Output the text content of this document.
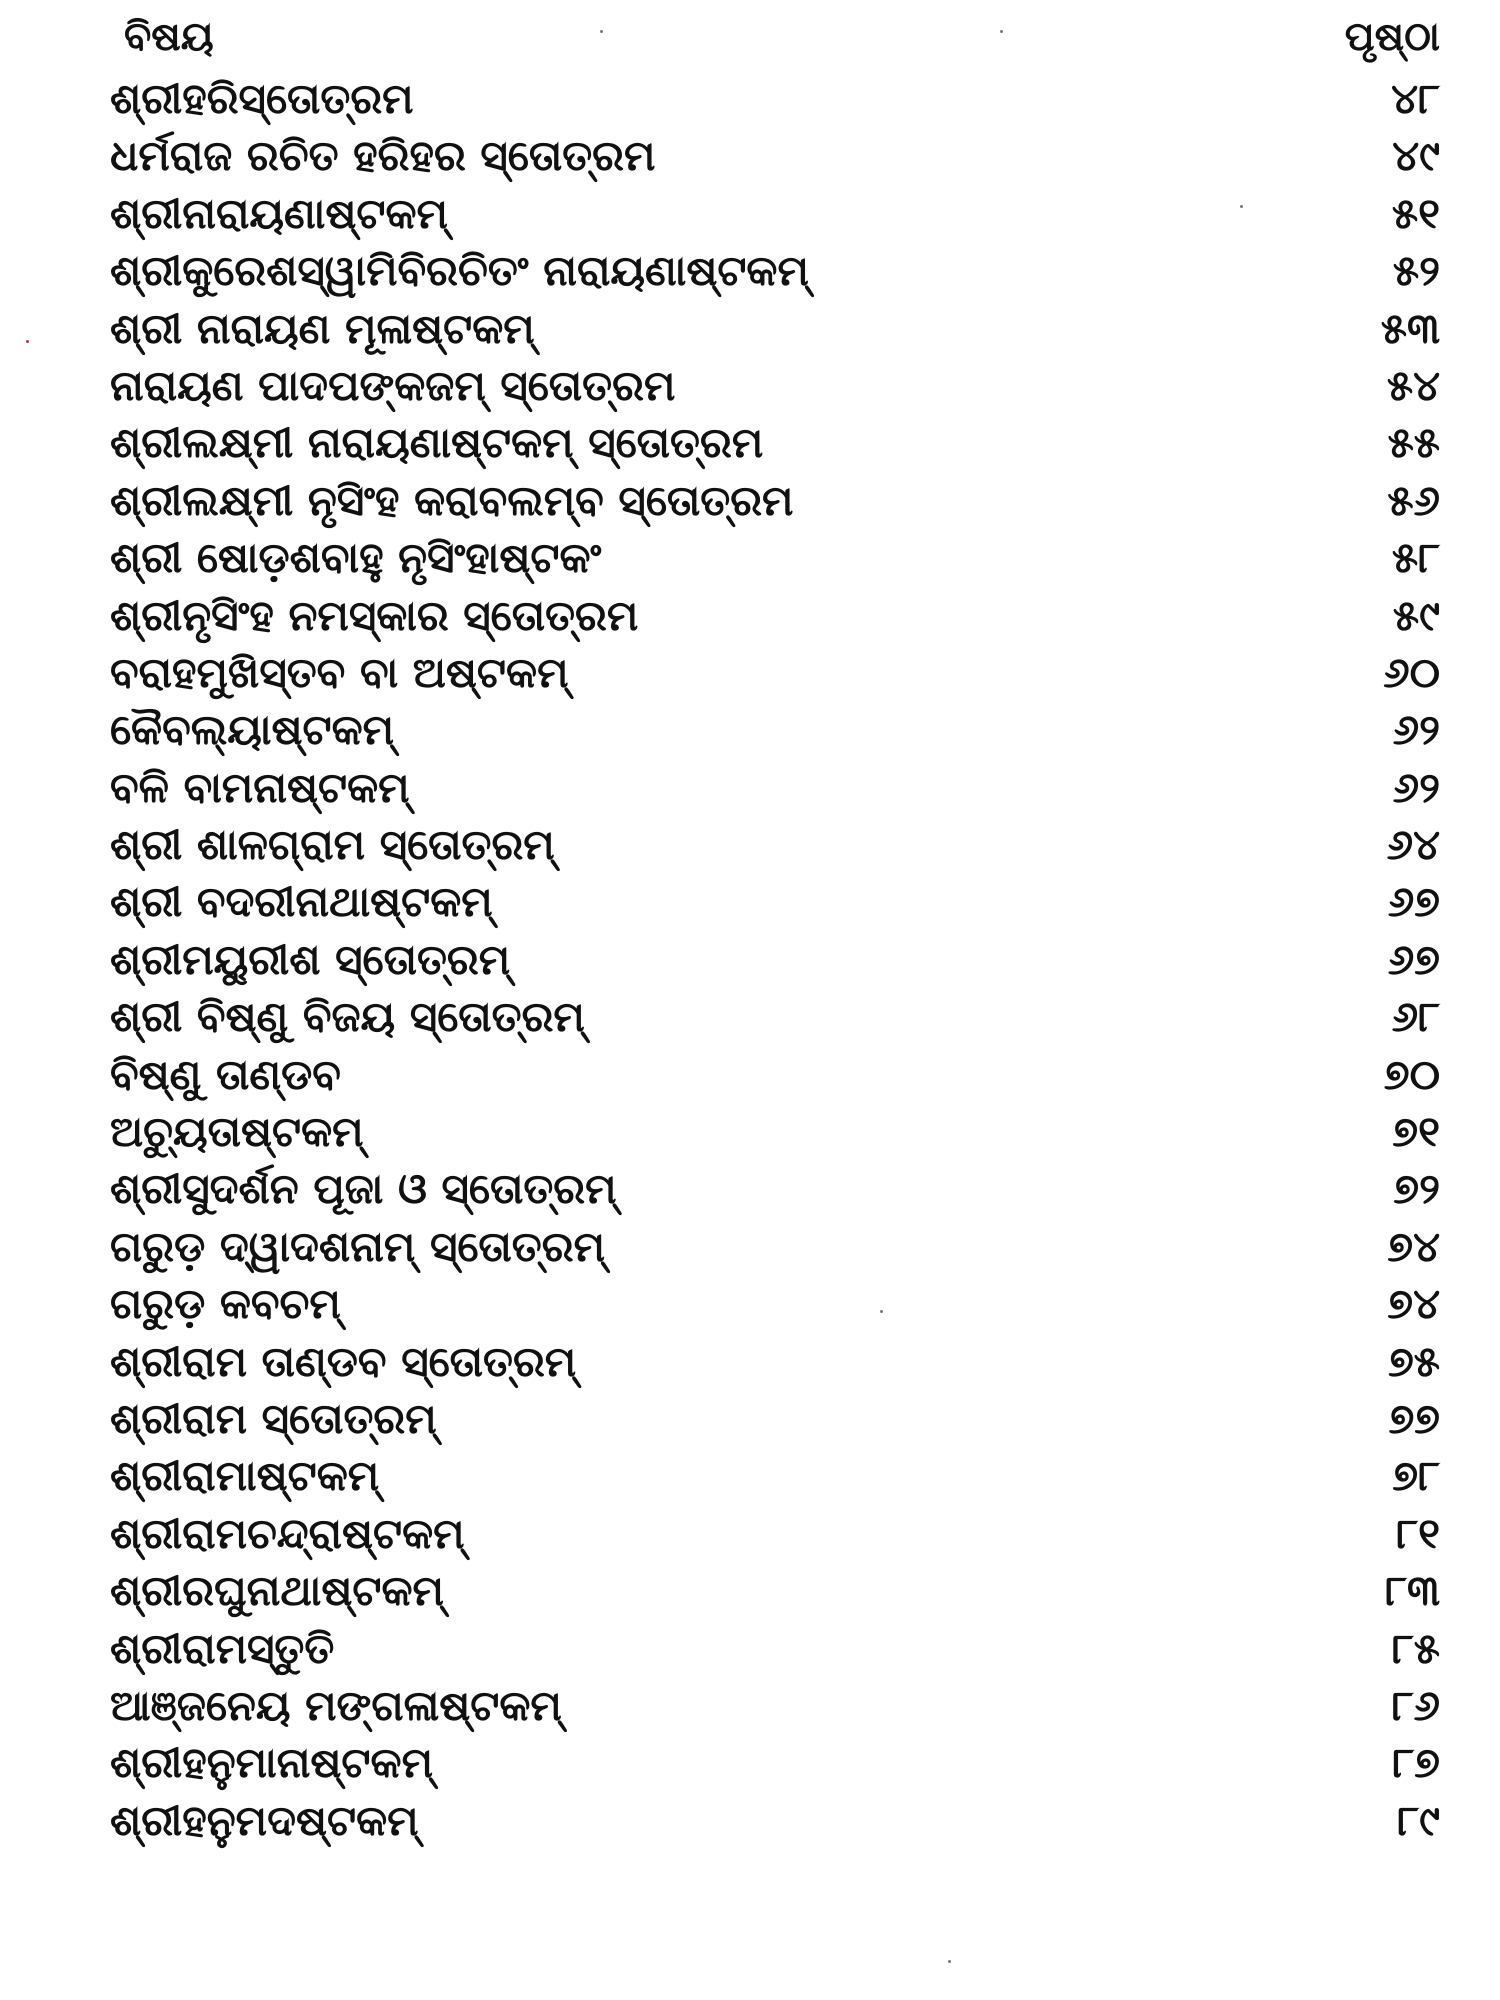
ବିଷୟ	ପୃଷ୍ଠା
ଶ୍ରୀହରିସ୍ତୋତ୍ରମ	୪୮
ଧର୍ମରାଜ ରଚିତ ହରିହର ସ୍ତୋତ୍ରମ	୪୯
ଶ୍ରୀନାରାୟଣାଷ୍ଟକମ୍	୫୧
ଶ୍ରୀକୁରେଶସ୍ୱାମିବିରଚିତଂ ନାରାୟଣାଷ୍ଟକମ୍	୫୨
ଶ୍ରୀ ନାରାୟଣ ମୂଳାଷ୍ଟକମ୍	୫୩
ନାରାୟଣ ପାଦପଙ୍କଜମ୍ ସ୍ତୋତ୍ରମ	୫୪
ଶ୍ରୀଲକ୍ଷ୍ମୀ ନାରାୟଣାଷ୍ଟକମ୍ ସ୍ତୋତ୍ରମ	୫୫
ଶ୍ରୀଲକ୍ଷ୍ମୀ ନୃସିଂହ କରାବଲମ୍ବ ସ୍ତୋତ୍ରମ	୫୬
ଶ୍ରୀ ଷୋଡ଼ଶବାହୁ ନୃସିଂହାଷ୍ଟକଂ	୫୮
ଶ୍ରୀନୃସିଂହ ନମସ୍କାର ସ୍ତୋତ୍ରମ	୫୯
ବରାହମୁଖିସ୍ତବ ବା ଅଷ୍ଟକମ୍	୬୦
କୈବଲ୍ୟାଷ୍ଟକମ୍	୬୨
ବଳି ବାମନାଷ୍ଟକମ୍	୬୨
ଶ୍ରୀ ଶାଳଗ୍ରାମ ସ୍ତୋତ୍ରମ୍	୬୪
ଶ୍ରୀ ବଦରୀନାଥାଷ୍ଟକମ୍	୬୭
ଶ୍ରୀମୟୁରୀଶ ସ୍ତୋତ୍ରମ୍	୬୭
ଶ୍ରୀ ବିଷ୍ଣୁ ବିଜୟ ସ୍ତୋତ୍ରମ୍	୬୮
ବିଷ୍ଣୁ ତାଣ୍ଡବ	୭୦
ଅଚ୍ୟୁତାଷ୍ଟକମ୍	୭୧
ଶ୍ରୀସୁଦର୍ଶନ ପୂଜା ଓ ସ୍ତୋତ୍ରମ୍	୭୨
ଗରୁଡ଼ ଦ୍ୱାଦଶନାମ୍ ସ୍ତୋତ୍ରମ୍	୭୪
ଗରୁଡ଼ କବଚମ୍	୭୪
ଶ୍ରୀରାମ ତାଣ୍ଡବ ସ୍ତୋତ୍ରମ୍	୭୫
ଶ୍ରୀରାମ ସ୍ତୋତ୍ରମ୍	୭୭
ଶ୍ରୀରାମାଷ୍ଟକମ୍	୭୮
ଶ୍ରୀରାମଚନ୍ଦ୍ରାଷ୍ଟକମ୍	୮୧
ଶ୍ରୀରଘୁନାଥାଷ୍ଟକମ୍	୮୩
ଶ୍ରୀରାମସ୍ତୁତି	୮୫
ଆଞ୍ଜନେୟ ମଙ୍ଗଳାଷ୍ଟକମ୍	୮୬
ଶ୍ରୀହନୁମାନାଷ୍ଟକମ୍	୮୭
ଶ୍ରୀହନୁମଦଷ୍ଟକମ୍	୮୯
